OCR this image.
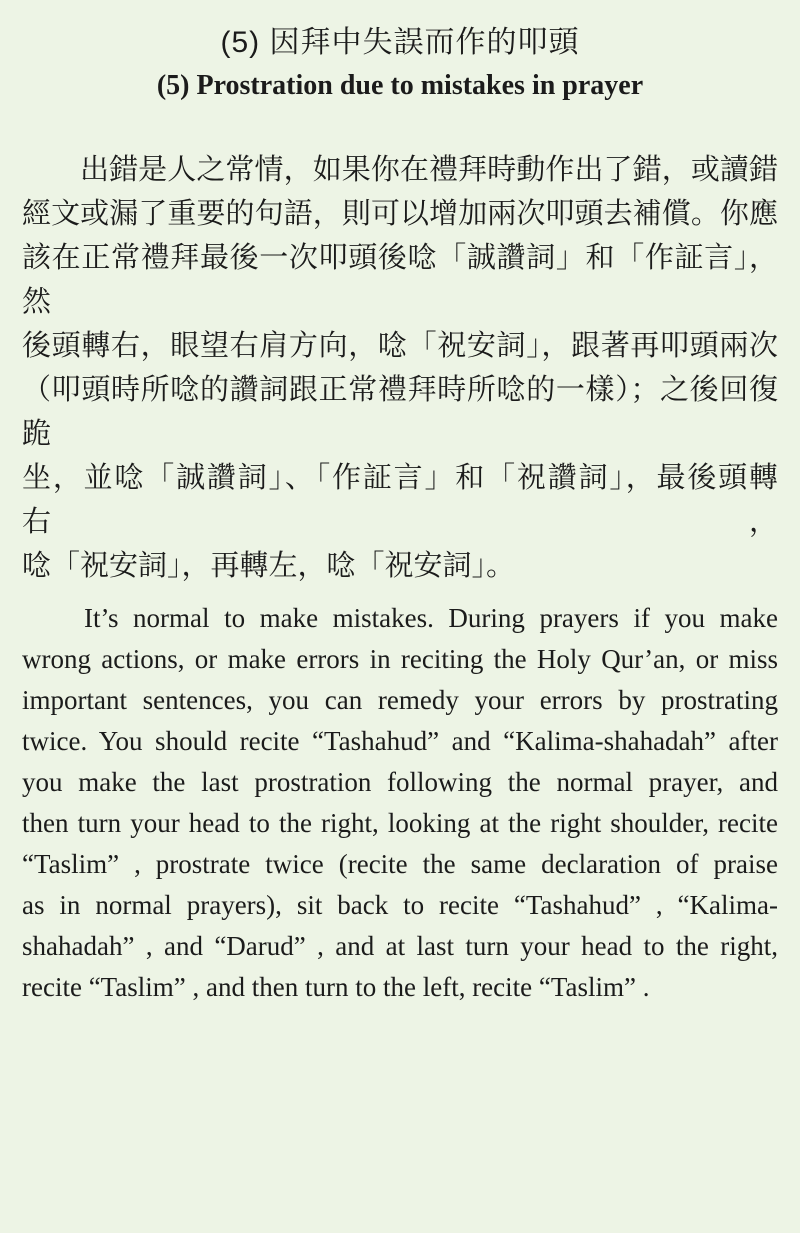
(5) 因拜中失誤而作的叩頭
(5) Prostration due to mistakes in prayer
出錯是人之常情，如果你在禮拜時動作出了錯，或讀錯
經文或漏了重要的句語，則可以增加兩次叩頭去補償。你應
該在正常禮拜最後一次叩頭後唸「誠讚詞」和「作証言」，然
後頭轉右，眼望右肩方向，唸「祝安詞」，跟著再叩頭兩次
（叩頭時所唸的讚詞跟正常禮拜時所唸的一樣）；之後回復跪
坐，並唸「誠讚詞」、「作証言」和「祝讚詞」，最後頭轉右，
唸「祝安詞」，再轉左，唸「祝安詞」。
It’s normal to make mistakes. During prayers if you make
wrong actions, or make errors in reciting the Holy Qur’an, or miss
important sentences, you can remedy your errors by prostrating
twice. You should recite “Tashahud” and “Kalima-shahadah” after
you make the last prostration following the normal prayer, and
then turn your head to the right, looking at the right shoulder, recite
“Taslim” , prostrate twice (recite the same declaration of praise
as in normal prayers), sit back to recite “Tashahud” , “Kalima-
shahadah” , and “Darud” , and at last turn your head to the right,
recite “Taslim” , and then turn to the left, recite “Taslim” .
